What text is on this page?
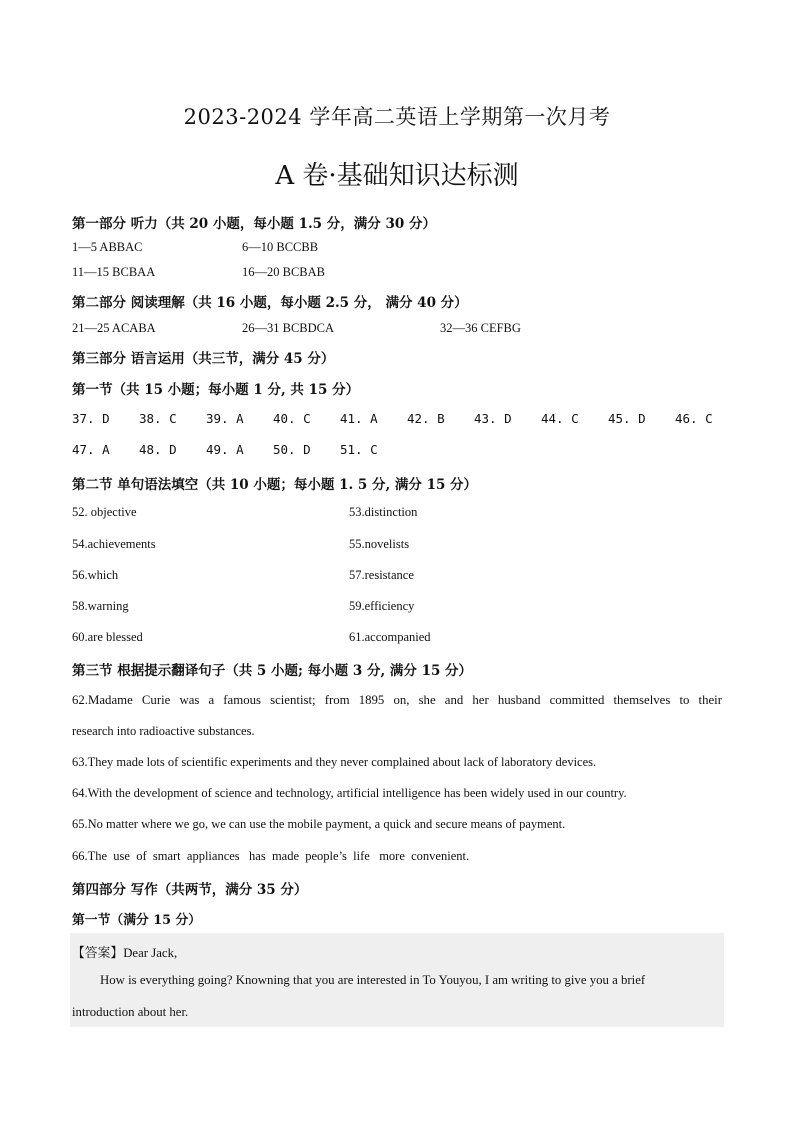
2023-2024 学年高二英语上学期第一次月考
A 卷·基础知识达标测
第一部分 听力（共 20 小题，每小题 1.5 分，满分 30 分）
1—5 ABBAC	6—10 BCCBB
11—15 BCBAA	16—20 BCBAB
第二部分 阅读理解（共 16 小题，每小题 2.5 分， 满分 40 分）
21—25 ACABA	26—31 BCBDCA	32—36 CEFBG
第三部分 语言运用（共三节，满分 45 分）
第一节（共 15 小题；每小题 1 分, 共 15 分）
37. D 38. C 39. A 40. C 41. A 42. B 43. D 44. C 45. D 46. C
47. A 48. D 49. A 50. D 51. C
第二节 单句语法填空（共 10 小题；每小题 1. 5 分, 满分 15 分）
52. objective	53.distinction
54.achievements	55.novelists
56.which	57.resistance
58.warning	59.efficiency
60.are blessed	61.accompanied
第三节 根据提示翻译句子（共 5 小题; 每小题 3 分, 满分 15 分）
62.Madame Curie was a famous scientist; from 1895 on, she and her husband committed themselves to their
research into radioactive substances.
63.They made lots of scientific experiments and they never complained about lack of laboratory devices.
64.With the development of science and technology, artificial intelligence has been widely used in our country.
65.No matter where we go, we can use the mobile payment, a quick and secure means of payment.
66.The  use  of  smart  appliances   has  made  people’s  life   more  convenient.
第四部分 写作（共两节，满分 35 分）
第一节（满分 15 分）
【答案】Dear Jack,
How is everything going? Knowning that you are interested in To Youyou, I am writing to give you a brief
introduction about her.
